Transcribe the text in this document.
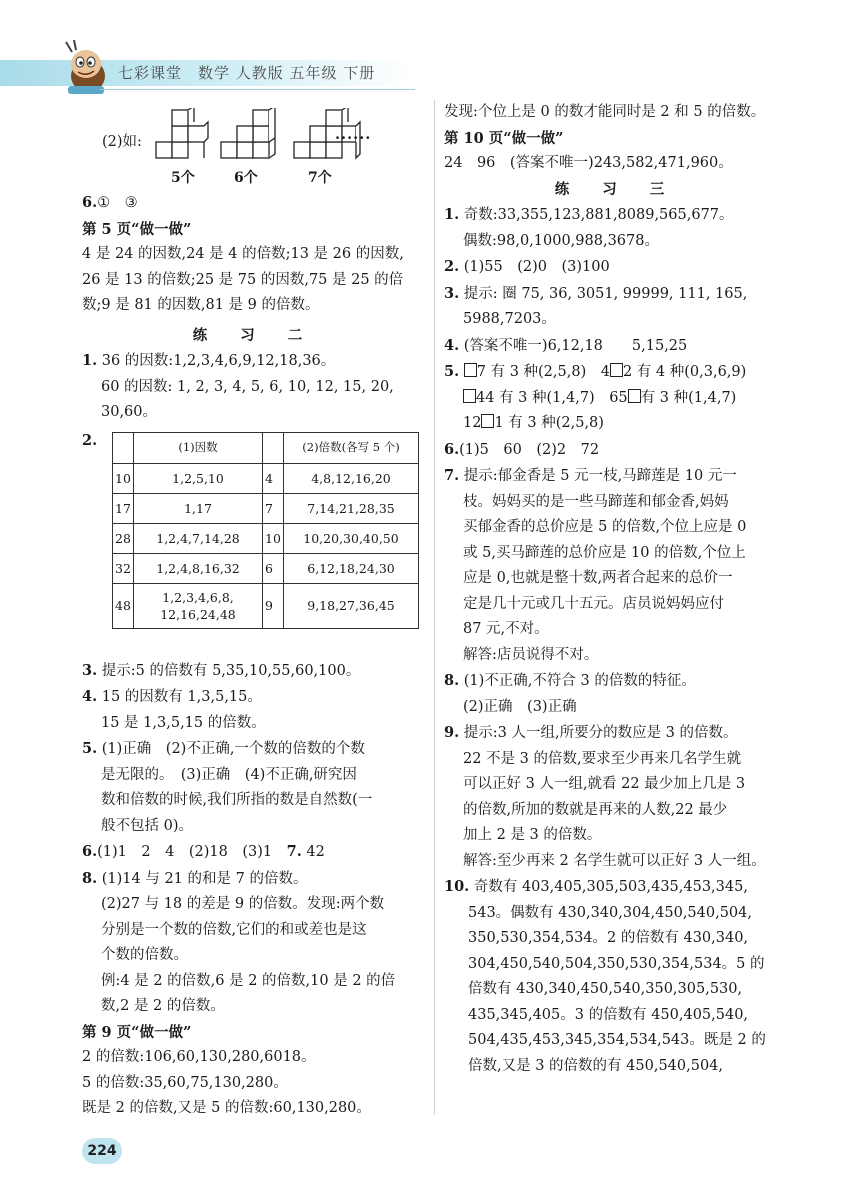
七彩课堂　数学 人教版 五年级 下册
(2)如:
5个	6个	7个
······
6.①　③
第 5 页“做一做”
4 是 24 的因数,24 是 4 的倍数;13 是 26 的因数,
26 是 13 的倍数;25 是 75 的因数,75 是 25 的倍
数;9 是 81 的因数,81 是 9 的倍数。
练 习 二
1. 36 的因数:1,2,3,4,6,9,12,18,36。
60 的因数: 1, 2, 3, 4, 5, 6, 10, 12, 15, 20,
30,60。
2.
		(1)因数		(2)倍数(各写 5 个)
10	1,2,5,10	4	4,8,12,16,20
17	1,17	7	7,14,21,28,35
28	1,2,4,7,14,28	10	10,20,30,40,50
32	1,2,4,8,16,32	6	6,12,18,24,30
48	1,2,3,4,6,8,
12,16,24,48	9	9,18,27,36,45
3. 提示:5 的倍数有 5,35,10,55,60,100。
4. 15 的因数有 1,3,5,15。
15 是 1,3,5,15 的倍数。
5. (1)正确　(2)不正确,一个数的倍数的个数
是无限的。　(3)正确　(4)不正确,研究因
数和倍数的时候,我们所指的数是自然数(一
般不包括 0)。
6.(1)1　2　4　(2)18　(3)1　7. 42
8. (1)14 与 21 的和是 7 的倍数。
(2)27 与 18 的差是 9 的倍数。发现:两个数
分别是一个数的倍数,它们的和或差也是这
个数的倍数。
例:4 是 2 的倍数,6 是 2 的倍数,10 是 2 的倍
数,2 是 2 的倍数。
第 9 页“做一做”
2 的倍数:106,60,130,280,6018。
5 的倍数:35,60,75,130,280。
既是 2 的倍数,又是 5 的倍数:60,130,280。
发现:个位上是 0 的数才能同时是 2 和 5 的倍数。
第 10 页“做一做”
24　96　(答案不唯一)243,582,471,960。
练 习 三
1. 奇数:33,355,123,881,8089,565,677。
偶数:98,0,1000,988,3678。
2. (1)55　(2)0　(3)100
3. 提示: 圈 75, 36, 3051, 99999, 111, 165,
5988,7203。
4. (答案不唯一)6,12,18　　5,15,25
5. 7 有 3 种(2,5,8)　4 2 有 4 种(0,3,6,9)
44 有 3 种(1,4,7)　65 有 3 种(1,4,7)
12 1 有 3 种(2,5,8)
6.(1)5　60　(2)2　72
7. 提示:郁金香是 5 元一枝,马蹄莲是 10 元一
枝。妈妈买的是一些马蹄莲和郁金香,妈妈
买郁金香的总价应是 5 的倍数,个位上应是 0
或 5,买马蹄莲的总价应是 10 的倍数,个位上
应是 0,也就是整十数,两者合起来的总价一
定是几十元或几十五元。店员说妈妈应付
87 元,不对。
解答:店员说得不对。
8. (1)不正确,不符合 3 的倍数的特征。
(2)正确　(3)正确
9. 提示:3 人一组,所要分的数应是 3 的倍数。
22 不是 3 的倍数,要求至少再来几名学生就
可以正好 3 人一组,就看 22 最少加上几是 3
的倍数,所加的数就是再来的人数,22 最少
加上 2 是 3 的倍数。
解答:至少再来 2 名学生就可以正好 3 人一组。
10. 奇数有 403,405,305,503,435,453,345,
543。偶数有 430,340,304,450,540,504,
350,530,354,534。2 的倍数有 430,340,
304,450,540,504,350,530,354,534。5 的
倍数有 430,340,450,540,350,305,530,
435,345,405。3 的倍数有 450,405,540,
504,435,453,345,354,534,543。既是 2 的
倍数,又是 3 的倍数的有 450,540,504,
224
